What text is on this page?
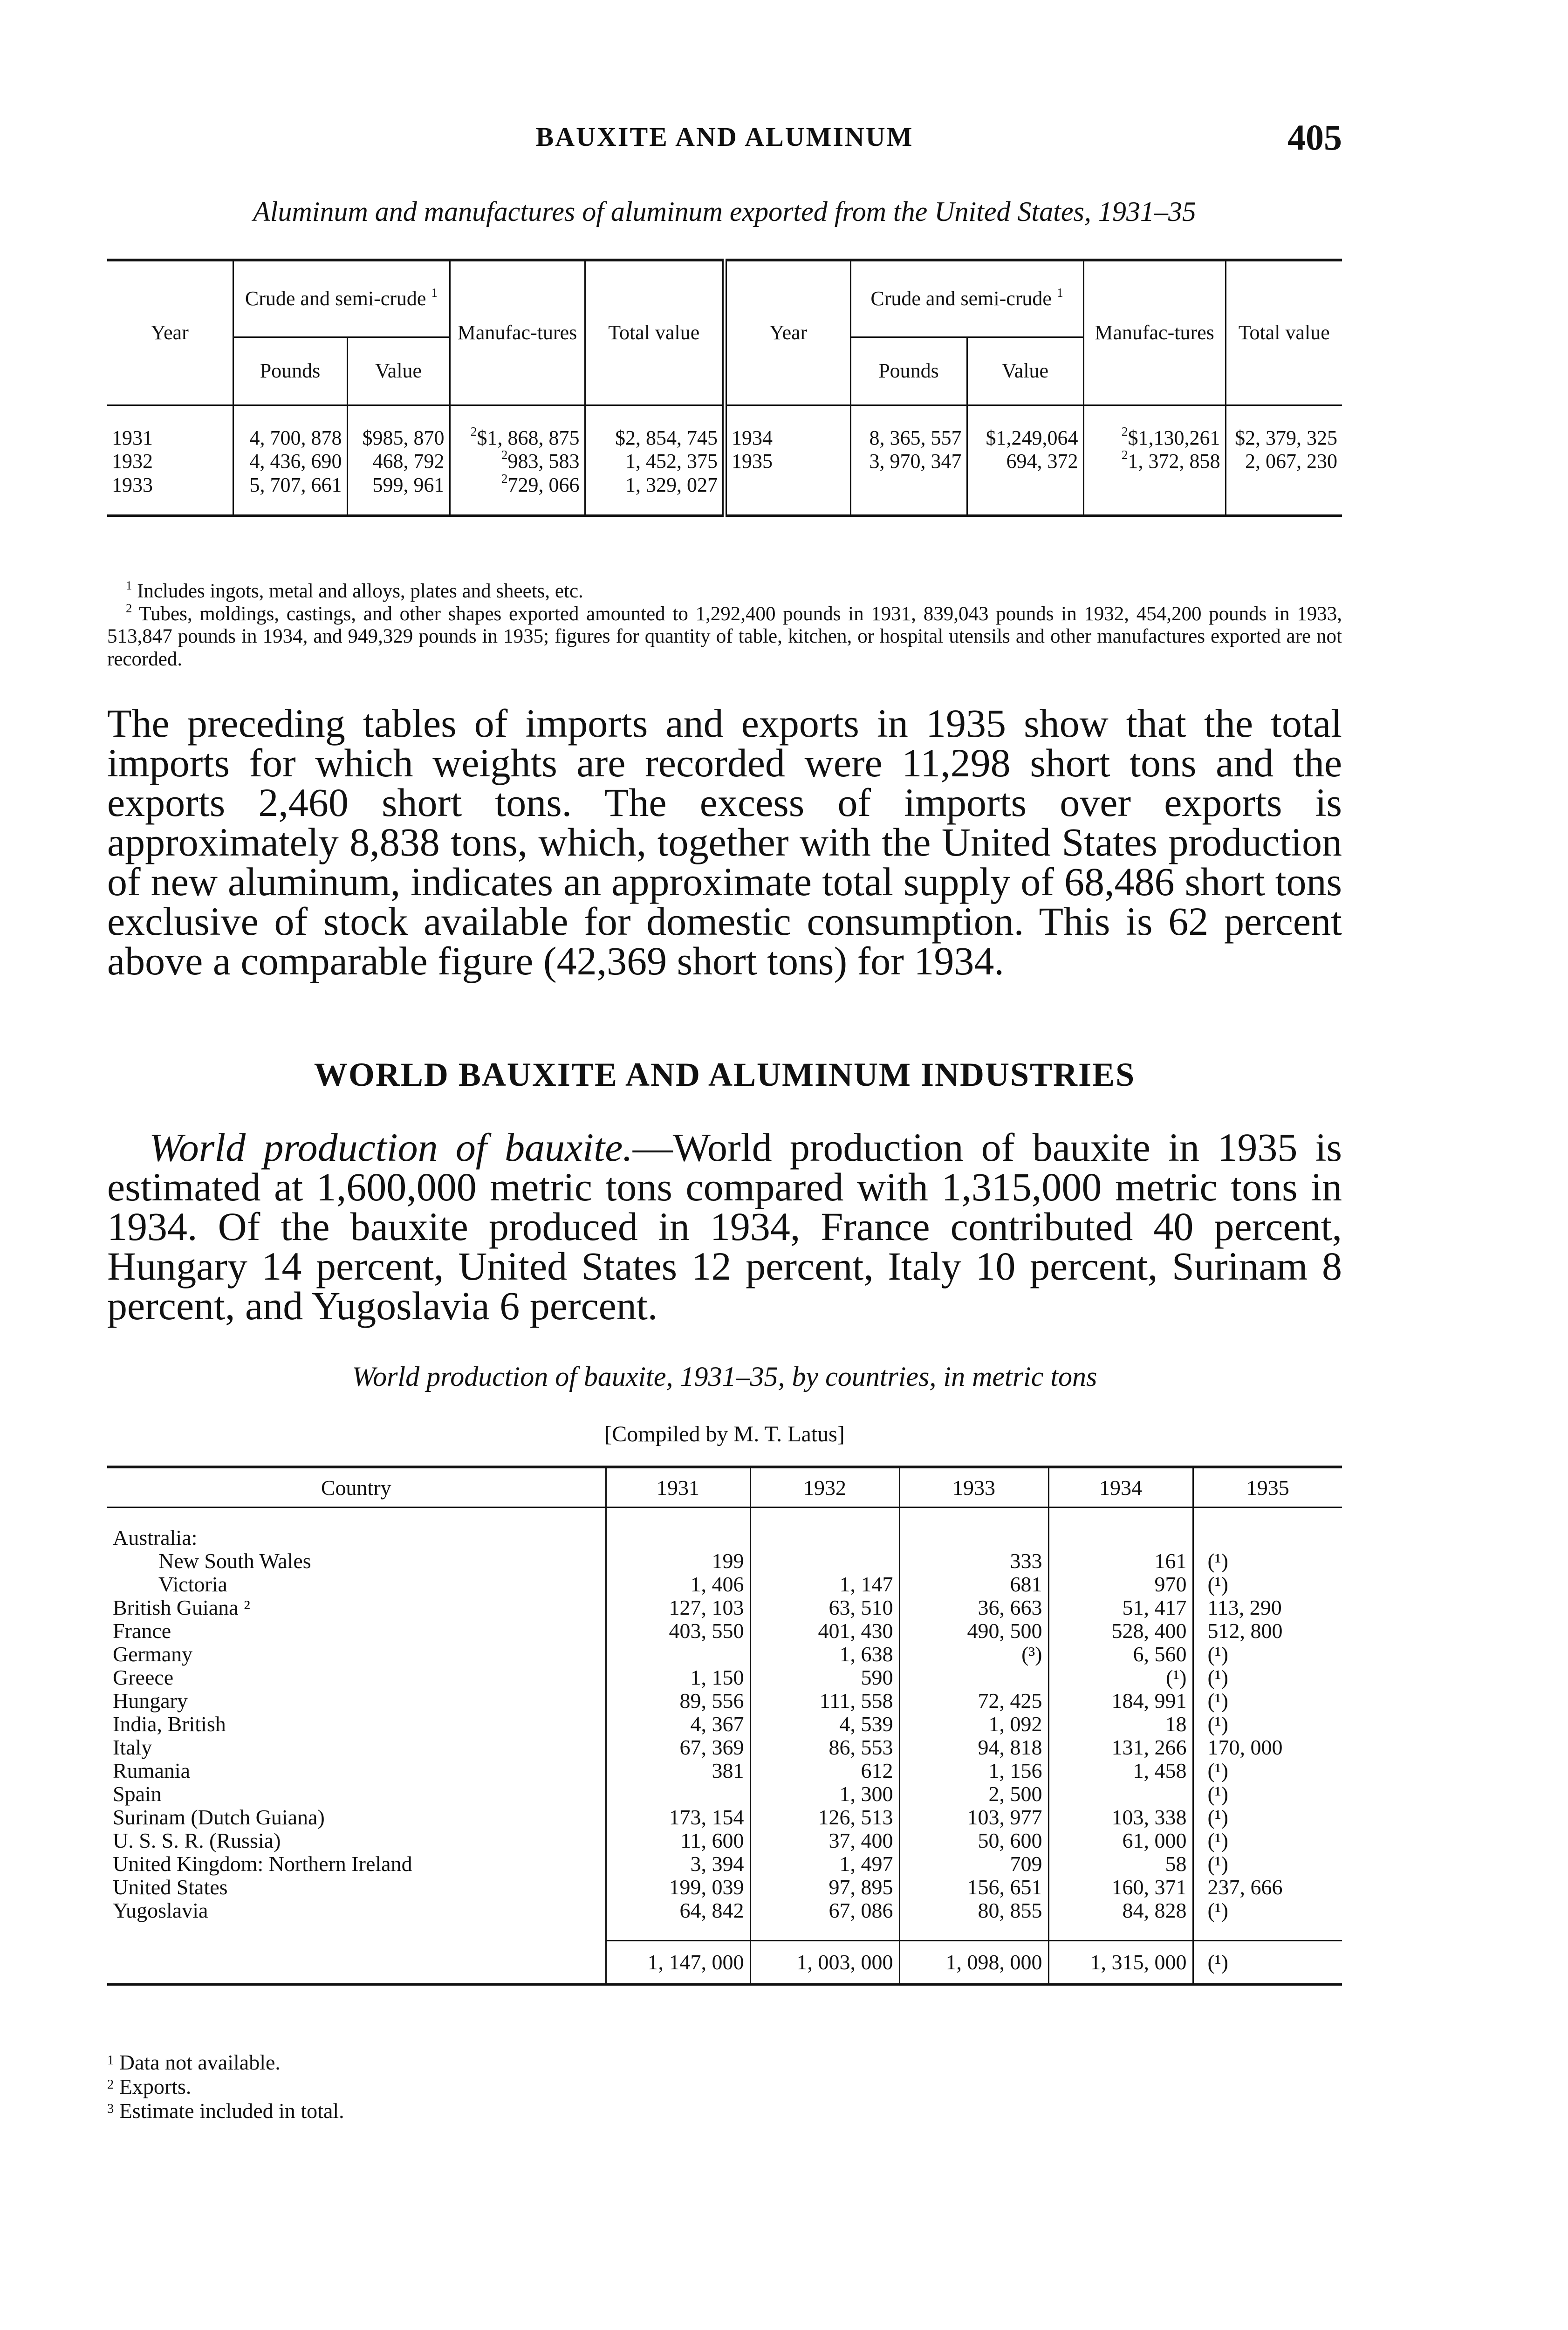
BAUXITE AND ALUMINUM	405
Aluminum and manufactures of aluminum exported from the United States, 1931–35
Year	Crude and semi-crude $^1$		Manufac-tures	Total value	Year	Crude and semi-crude $^1$		Manufac-tures	Total value
	Pounds	Value				Pounds	Value		

1931	4, 700, 878	$985, 870	$^2$\$1, 868, 875	$2, 854, 745	1934	8, 365, 557	$1,249,064	$^2$\$1,130,261	$2, 379, 325
1932	4, 436, 690	468, 792	$^2$983, 583	1, 452, 375	1935	3, 970, 347	694, 372	$^2$1, 372, 858	2, 067, 230
1933	5, 707, 661	599, 961	$^2$729, 066	1, 329, 027					

$^1$ Includes ingots, metal and alloys, plates and sheets, etc.

$^2$ Tubes, moldings, castings, and other shapes exported amounted to 1,292,400 pounds in 1931, 839,043 pounds in 1932, 454,200 pounds in 1933, 513,847 pounds in 1934, and 949,329 pounds in 1935; figures for quantity of table, kitchen, or hospital utensils and other manufactures exported are not recorded.

The preceding tables of imports and exports in 1935 show that the total imports for which weights are recorded were 11,298 short tons and the exports 2,460 short tons. The excess of imports over exports is approximately 8,838 tons, which, together with the United States production of new aluminum, indicates an approximate total supply of 68,486 short tons exclusive of stock available for domestic consumption. This is 62 percent above a comparable figure (42,369 short tons) for 1934.
WORLD BAUXITE AND ALUMINUM INDUSTRIES
World production of bauxite.—World production of bauxite in 1935 is estimated at 1,600,000 metric tons compared with 1,315,000 metric tons in 1934. Of the bauxite produced in 1934, France contributed 40 percent, Hungary 14 percent, United States 12 percent, Italy 10 percent, Surinam 8 percent, and Yugoslavia 6 percent.
World production of bauxite, 1931–35, by countries, in metric tons
[Compiled by M. T. Latus]
Country	1931	1932	1933	1934	1935

Australia:					
New South Wales	199		333	161	(¹)
Victoria	1, 406	1, 147	681	970	(¹)
British Guiana ²	127, 103	63, 510	36, 663	51, 417	113, 290
France	403, 550	401, 430	490, 500	528, 400	512, 800
Germany		1, 638	(³)	6, 560	(¹)
Greece	1, 150	590		(¹)	(¹)
Hungary	89, 556	111, 558	72, 425	184, 991	(¹)
India, British	4, 367	4, 539	1, 092	18	(¹)
Italy	67, 369	86, 553	94, 818	131, 266	170, 000
Rumania	381	612	1, 156	1, 458	(¹)
Spain		1, 300	2, 500		(¹)
Surinam (Dutch Guiana)	173, 154	126, 513	103, 977	103, 338	(¹)
U. S. S. R. (Russia)	11, 600	37, 400	50, 600	61, 000	(¹)
United Kingdom: Northern Ireland	3, 394	1, 497	709	58	(¹)
United States	199, 039	97, 895	156, 651	160, 371	237, 666
Yugoslavia	64, 842	67, 086	80, 855	84, 828	(¹)

	1, 147, 000	1, 003, 000	1, 098, 000	1, 315, 000	(¹)

$^1$ Data not available.
$^2$ Exports.
$^3$ Estimate included in total.
